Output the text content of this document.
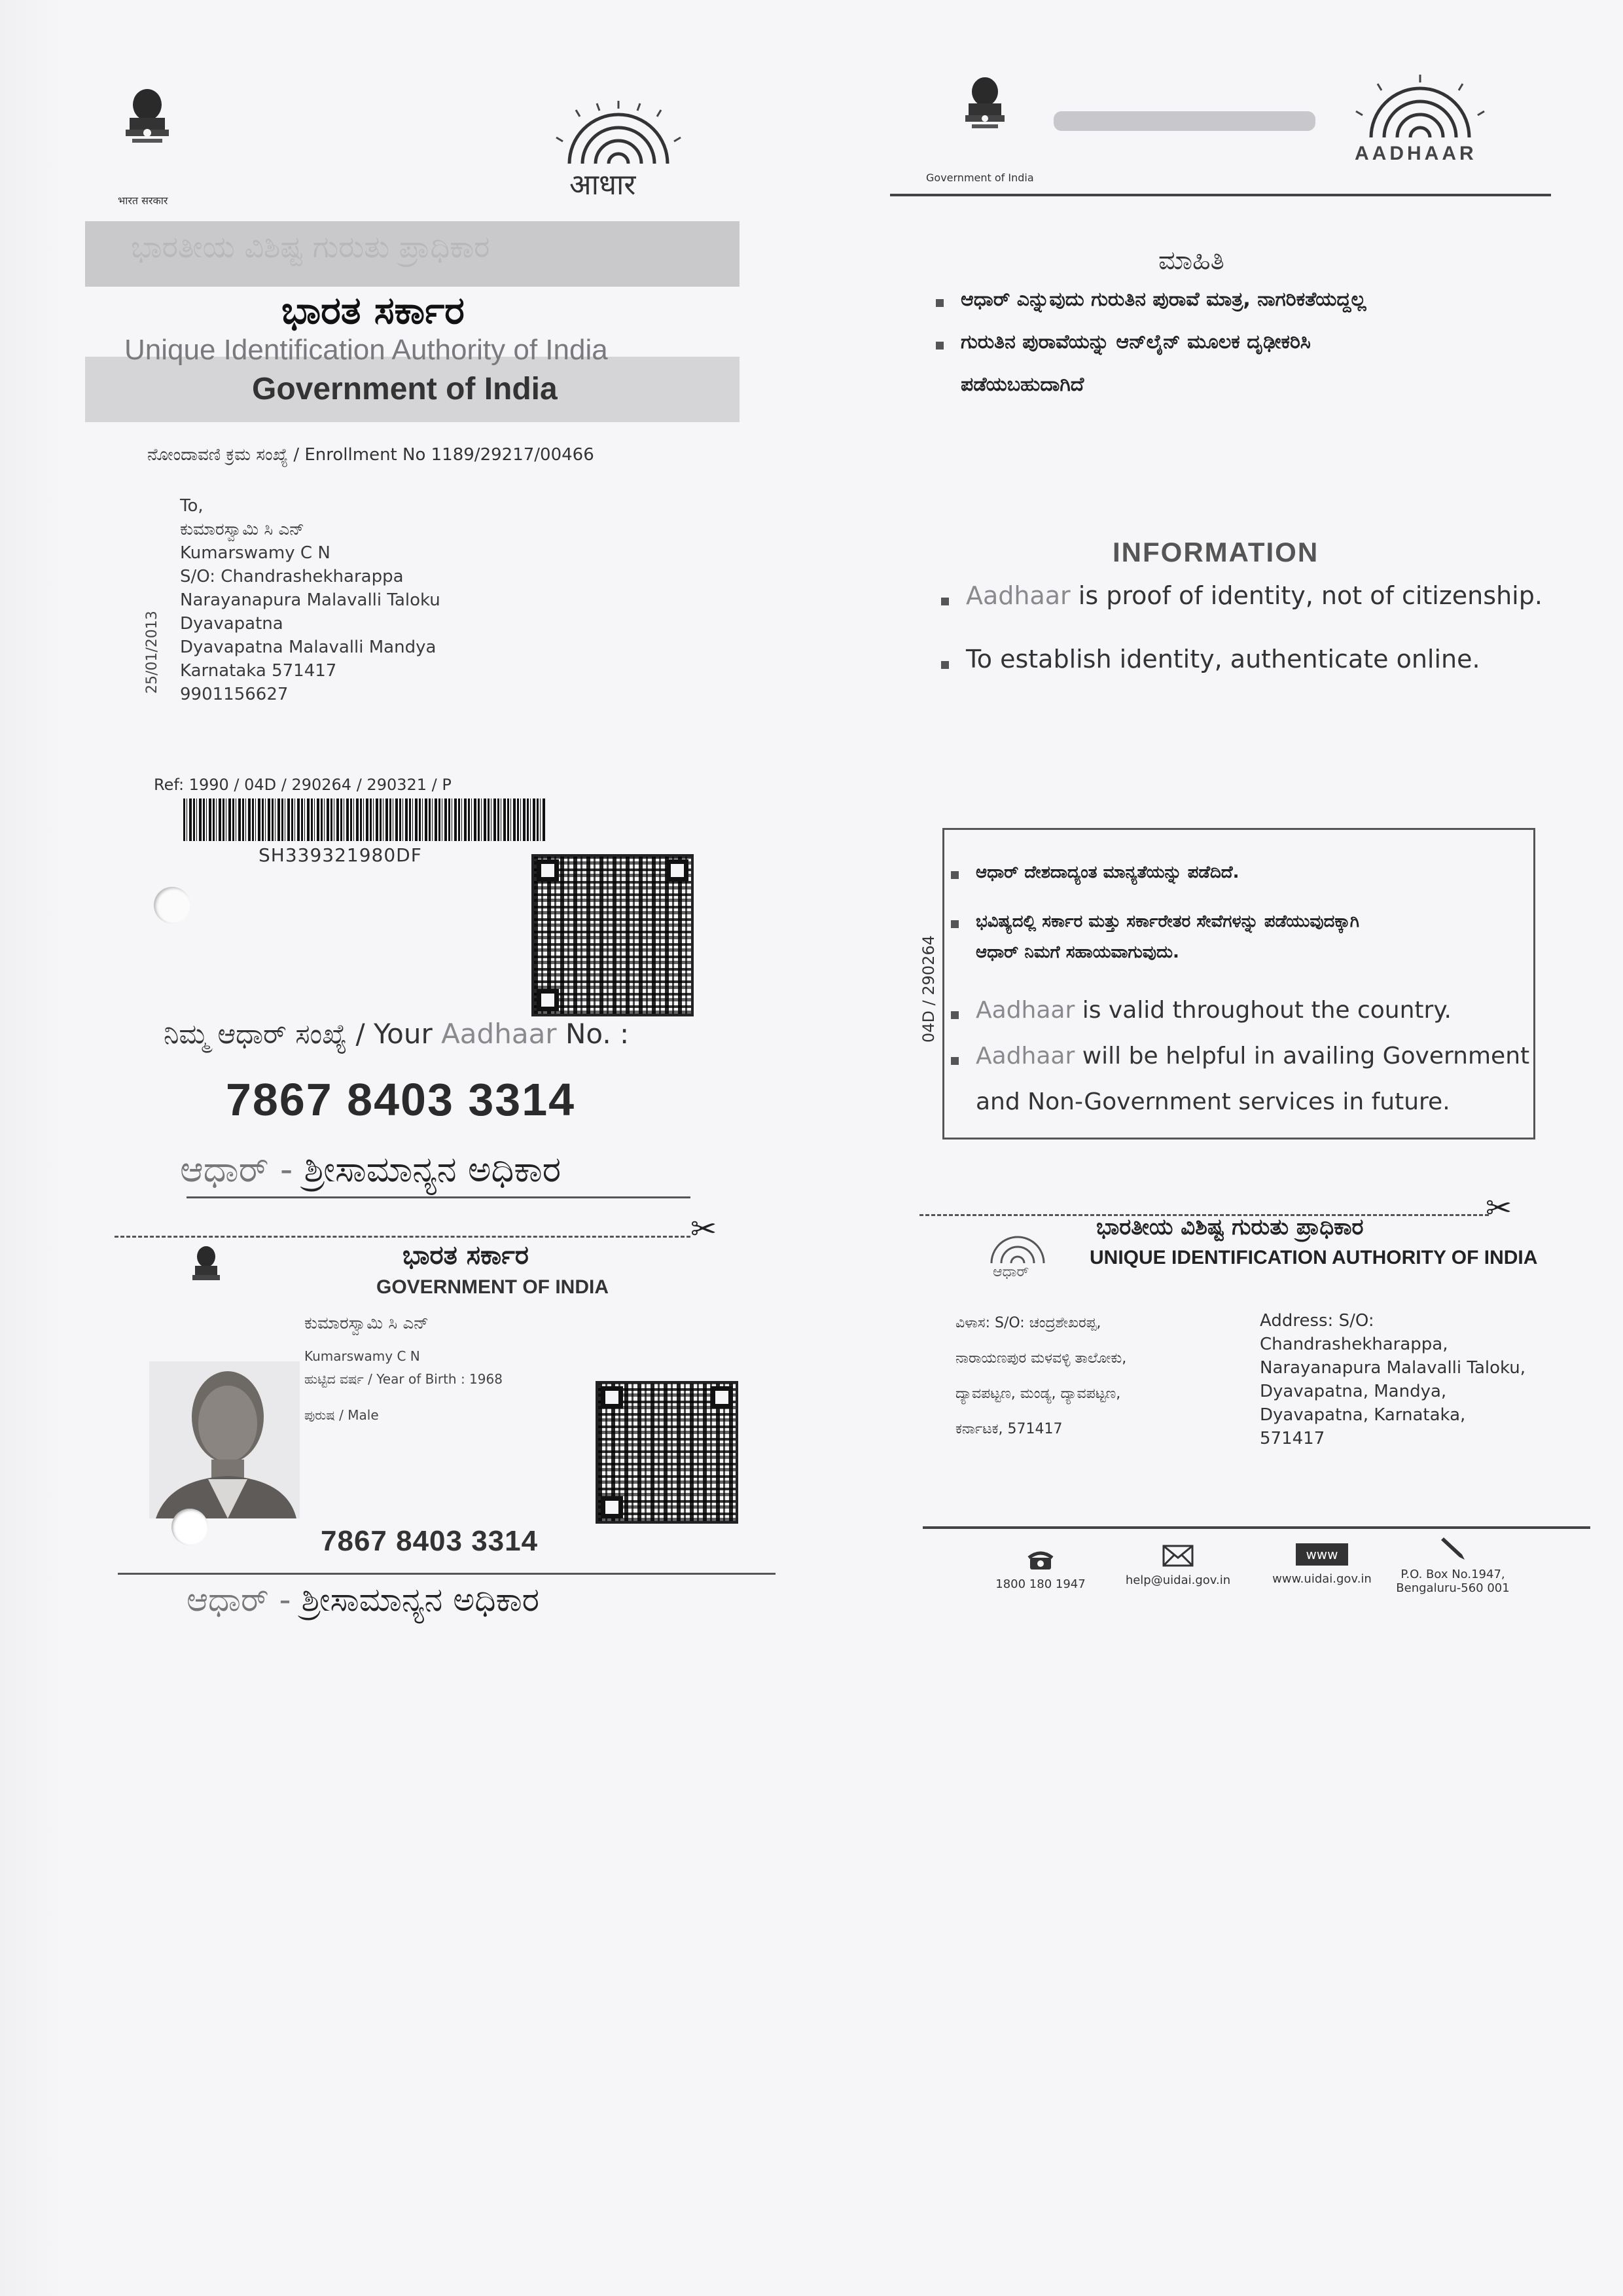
भारत सरकार	आधार
ಭಾರತೀಯ ವಿಶಿಷ್ಟ ಗುರುತು ಪ್ರಾಧಿಕಾರ
ಭಾರತ ಸರ್ಕಾರ
Unique Identification Authority of India
Government of India
ನೋಂದಾವಣಿ ಕ್ರಮ ಸಂಖ್ಯೆ / Enrollment No 1189/29217/00466
25/01/2013
To,
ಕುಮಾರಸ್ವಾಮಿ ಸಿ ಎನ್
Kumarswamy C N
S/O: Chandrashekharappa
Narayanapura Malavalli Taloku
Dyavapatna
Dyavapatna Malavalli Mandya
Karnataka 571417
9901156627
Ref: 1990 / 04D / 290264 / 290321 / P
SH339321980DF
ನಿಮ್ಮ ಆಧಾರ್ ಸಂಖ್ಯೆ / Your Aadhaar No. :
7867 8403 3314
ಆಧಾರ್ - ಶ್ರೀಸಾಮಾನ್ಯನ ಅಧಿಕಾರ
✂
ಭಾರತ ಸರ್ಕಾರ
GOVERNMENT OF INDIA
ಕುಮಾರಸ್ವಾಮಿ ಸಿ ಎನ್
Kumarswamy C N
ಹುಟ್ಟಿದ ವರ್ಷ / Year of Birth : 1968
ಪುರುಷ / Male
7867 8403 3314
ಆಧಾರ್ - ಶ್ರೀಸಾಮಾನ್ಯನ ಅಧಿಕಾರ
Government of India
AADHAAR
ಮಾಹಿತಿ
ಆಧಾರ್ ಎನ್ನುವುದು ಗುರುತಿನ ಪುರಾವೆ ಮಾತ್ರ, ನಾಗರಿಕತೆಯದ್ದಲ್ಲ
ಗುರುತಿನ ಪುರಾವೆಯನ್ನು ಆನ್‌ಲೈನ್ ಮೂಲಕ ದೃಢೀಕರಿಸಿ
ಪಡೆಯಬಹುದಾಗಿದೆ
INFORMATION
Aadhaar is proof of identity, not of citizenship.
To establish identity, authenticate online.
04D / 290264
ಆಧಾರ್ ದೇಶದಾದ್ಯಂತ ಮಾನ್ಯತೆಯನ್ನು ಪಡೆದಿದೆ.
ಭವಿಷ್ಯದಲ್ಲಿ ಸರ್ಕಾರ ಮತ್ತು ಸರ್ಕಾರೇತರ ಸೇವೆಗಳನ್ನು ಪಡೆಯುವುದಕ್ಕಾಗಿ
ಆಧಾರ್ ನಿಮಗೆ ಸಹಾಯವಾಗುವುದು.
Aadhaar is valid throughout the country.
Aadhaar will be helpful in availing Government
and Non-Government services in future.
✂
ಆಧಾರ್
ಭಾರತೀಯ ವಿಶಿಷ್ಟ ಗುರುತು ಪ್ರಾಧಿಕಾರ
UNIQUE IDENTIFICATION AUTHORITY OF INDIA
ವಿಳಾಸ: S/O: ಚಂದ್ರಶೇಖರಪ್ಪ,
ನಾರಾಯಣಪುರ ಮಳವಳ್ಳಿ ತಾಲೋಕು,
ದ್ಯಾವಪಟ್ಟಣ, ಮಂಡ್ಯ, ದ್ಯಾವಪಟ್ಟಣ,
ಕರ್ನಾಟಕ, 571417
Address: S/O:
Chandrashekharappa,
Narayanapura Malavalli Taloku,
Dyavapatna, Mandya,
Dyavapatna, Karnataka,
571417
1800 180 1947	help@uidai.gov.in
www
www.uidai.gov.in	P.O. Box No.1947,
Bengaluru-560 001
